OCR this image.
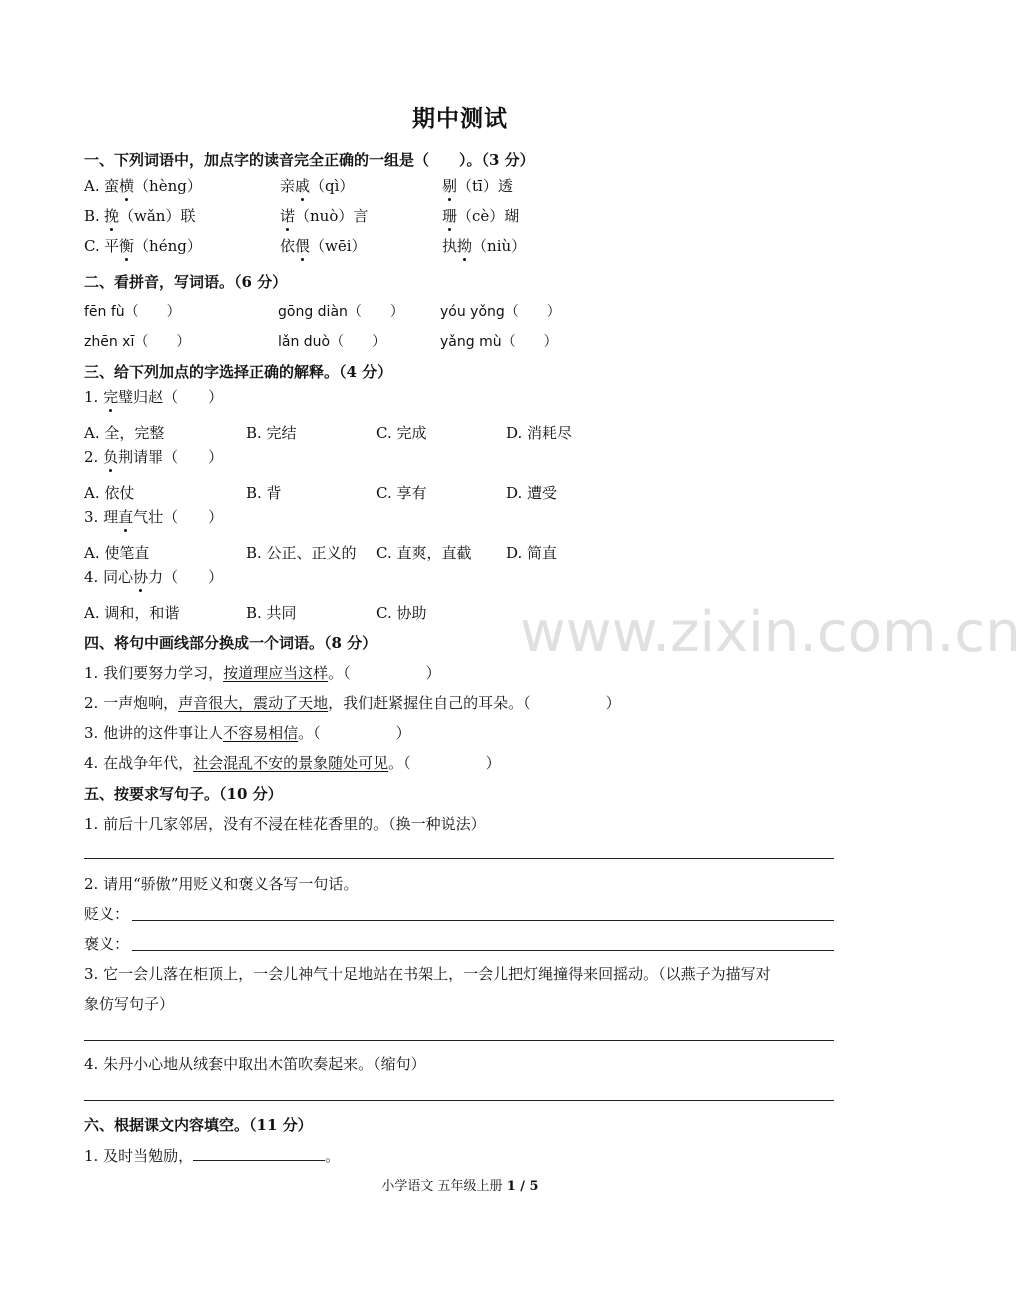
期中测试
一、下列词语中，加点字的读音完全正确的一组是（　　）。（3 分）
A. 蛮横（hèng）	亲戚（qì）	剔（tī）透
B. 挽（wǎn）联	诺（nuò）言	珊（cè）瑚
C. 平衡（héng）	依偎（wēi）	执拗（niù）
二、看拼音，写词语。（6 分）
fēn fù（　　）	gōng diàn（　　）	yóu yǒng（　　）
zhēn xī（　　）	lǎn duò（　　）	yǎng mù（　　）
三、给下列加点的字选择正确的解释。（4 分）
1. 完璧归赵（　　）
A. 全，完整	B. 完结	C. 完成	D. 消耗尽
2. 负荆请罪（　　）
A. 依仗	B. 背	C. 享有	D. 遭受
3. 理直气壮（　　）
A. 使笔直	B. 公正、正义的 C. 直爽，直截 D. 简直
4. 同心协力（　　）
A. 调和，和谐	B. 共同	C. 协助 www.zixin.com.cn
四、将句中画线部分换成一个词语。（8 分）
1. 我们要努力学习，按道理应当这样。（　　　　　）
2. 一声炮响，声音很大，震动了天地，我们赶紧握住自己的耳朵。（　　　　　）
3. 他讲的这件事让人不容易相信。（　　　　　）
4. 在战争年代，社会混乱不安的景象随处可见。（　　　　　）
五、按要求写句子。（10 分）
1. 前后十几家邻居，没有不浸在桂花香里的。（换一种说法）
2. 请用“骄傲”用贬义和褒义各写一句话。
贬义：
褒义：
3. 它一会儿落在柜顶上，一会儿神气十足地站在书架上，一会儿把灯绳撞得来回摇动。（以燕子为描写对
象仿写句子）
4. 朱丹小心地从绒套中取出木笛吹奏起来。（缩句）
六、根据课文内容填空。（11 分）
1. 及时当勉励，	。
小学语文 五年级上册 1 / 5
